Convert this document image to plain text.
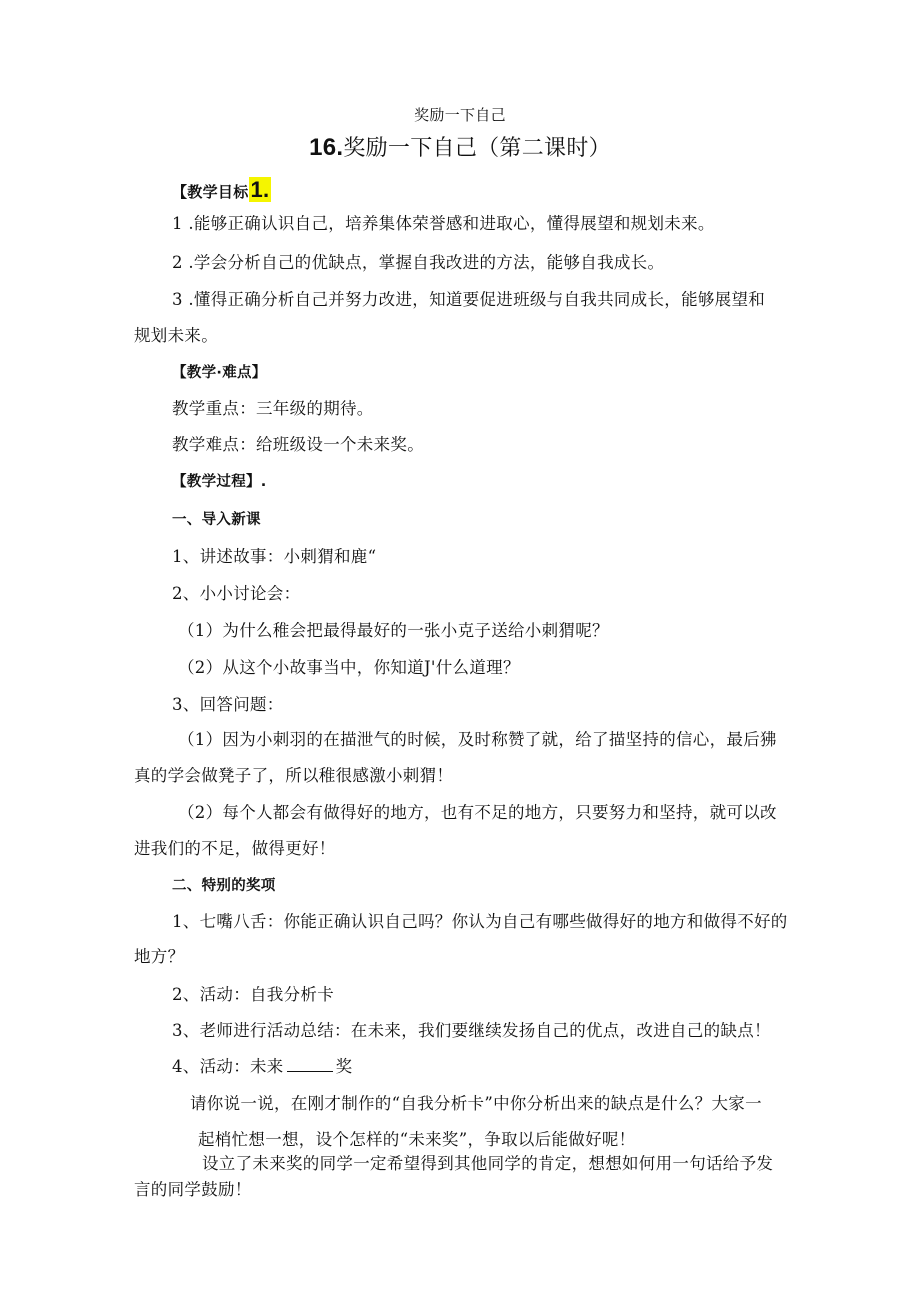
奖励一下自己
16.奖励一下自己（第二课时）
【教学目标1.
1 .能够正确认识自己，培养集体荣誉感和进取心，懂得展望和规划未来。
2 .学会分析自己的优缺点，掌握自我改进的方法，能够自我成长。
3 .懂得正确分析自己并努力改进，知道要促进班级与自我共同成长，能够展望和
规划未来。
【教学·难点】
教学重点：三年级的期待。
教学难点：给班级设一个未来奖。
【教学过程】.
一、导入新课
1、讲述故事：小刺猬和鹿“
2、小小讨论会：
（1）为什么稚会把最得最好的一张小克子送给小刺猬呢？
（2）从这个小故事当中，你知道J'什么道理？
3、回答问题：
（1）因为小刺羽的在描泄气的时候，及时称赞了就，给了描坚持的信心，最后狒
真的学会做凳子了，所以稚很感激小刺猬！
（2）每个人都会有做得好的地方，也有不足的地方，只要努力和坚持，就可以改
进我们的不足，做得更好！
二、特别的奖项
1、七嘴八舌：你能正确认识自己吗？你认为自己有哪些做得好的地方和做得不好的
地方？
2、活动：自我分析卡
3、老师进行活动总结：在未来，我们要继续发扬自己的优点，改进自己的缺点！
4、活动：未来	奖
请你说一说，在刚才制作的“自我分析卡”中你分析出来的缺点是什么？大家一
起梢忙想一想，设个怎样的“未来奖”，争取以后能做好呢！
设立了未来奖的同学一定希望得到其他同学的肯定，想想如何用一句话给予发
言的同学鼓励！
